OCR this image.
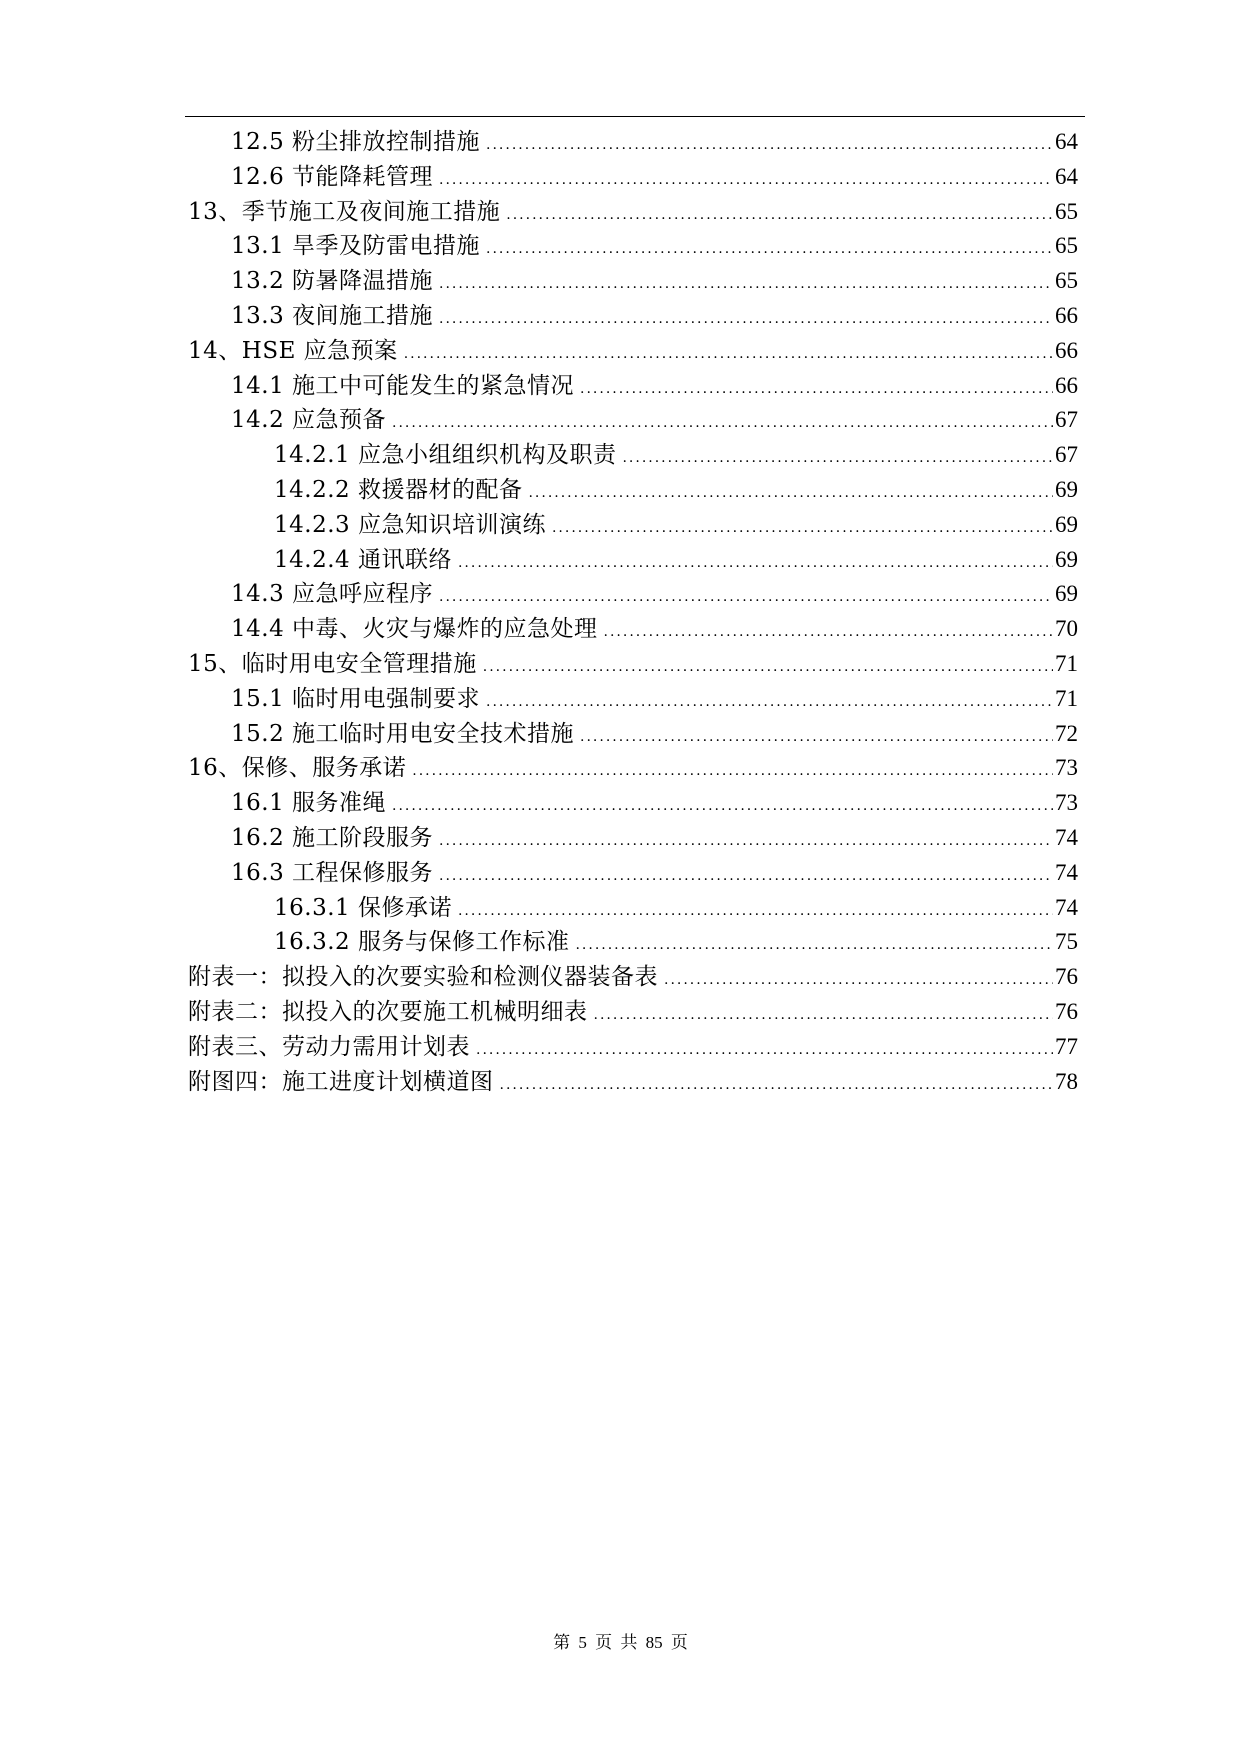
12.5 粉尘排放控制措施 .....	64
12.6 节能降耗管理 .....	64
13、季节施工及夜间施工措施 .....	65
13.1 旱季及防雷电措施 .....	65
13.2 防暑降温措施 .....	65
13.3 夜间施工措施 .....	66
14、HSE 应急预案 .....	66
14.1 施工中可能发生的紧急情况 .....	66
14.2 应急预备 .....	67
14.2.1 应急小组组织机构及职责 .....	67
14.2.2 救援器材的配备 .....	69
14.2.3 应急知识培训演练 .....	69
14.2.4 通讯联络 .....	69
14.3 应急呼应程序 .....	69
14.4 中毒、火灾与爆炸的应急处理 .....	70
15、临时用电安全管理措施 .....	71
15.1 临时用电强制要求 .....	71
15.2 施工临时用电安全技术措施 .....	72
16、保修、服务承诺 .....	73
16.1 服务准绳 .....	73
16.2 施工阶段服务 .....	74
16.3 工程保修服务 .....	74
16.3.1 保修承诺 .....	74
16.3.2 服务与保修工作标准 .....	75
附表一：拟投入的次要实验和检测仪器装备表 .....	76
附表二：拟投入的次要施工机械明细表 .....	76
附表三、劳动力需用计划表 .....	77
附图四：施工进度计划横道图 .....	78
第 5 页 共 85 页
